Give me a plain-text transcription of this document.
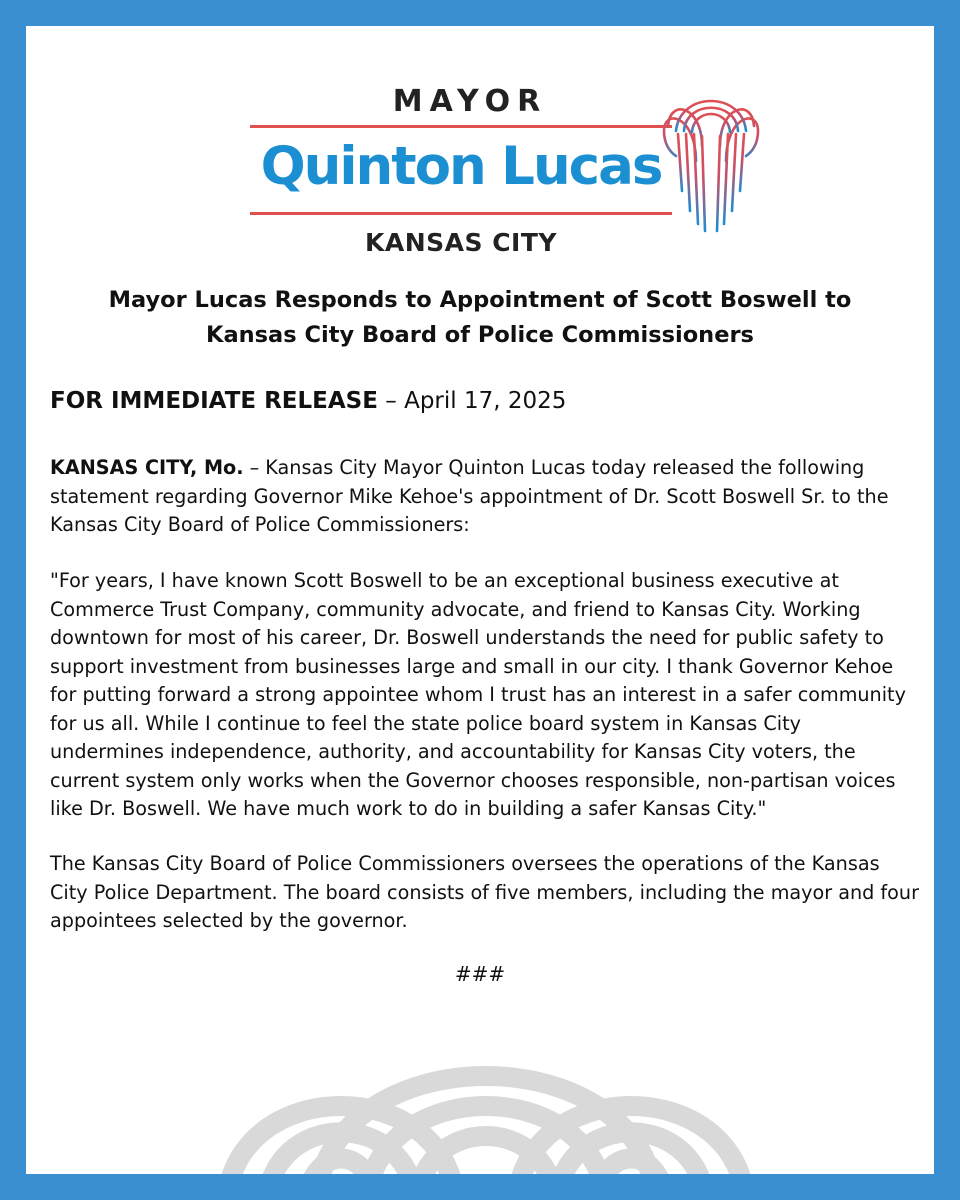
MAYOR
Quinton Lucas
KANSAS CITY
Mayor Lucas Responds to Appointment of Scott Boswell to
Kansas City Board of Police Commissioners
FOR IMMEDIATE RELEASE – April 17, 2025
KANSAS CITY, Mo. – Kansas City Mayor Quinton Lucas today released the following statement regarding Governor Mike Kehoe's appointment of Dr. Scott Boswell Sr. to the Kansas City Board of Police Commissioners:
"For years, I have known Scott Boswell to be an exceptional business executive at Commerce Trust Company, community advocate, and friend to Kansas City. Working downtown for most of his career, Dr. Boswell understands the need for public safety to support investment from businesses large and small in our city. I thank Governor Kehoe for putting forward a strong appointee whom I trust has an interest in a safer community for us all. While I continue to feel the state police board system in Kansas City undermines independence, authority, and accountability for Kansas City voters, the current system only works when the Governor chooses responsible, non-partisan voices like Dr. Boswell. We have much work to do in building a safer Kansas City."
The Kansas City Board of Police Commissioners oversees the operations of the Kansas City Police Department. The board consists of five members, including the mayor and four appointees selected by the governor.
###
